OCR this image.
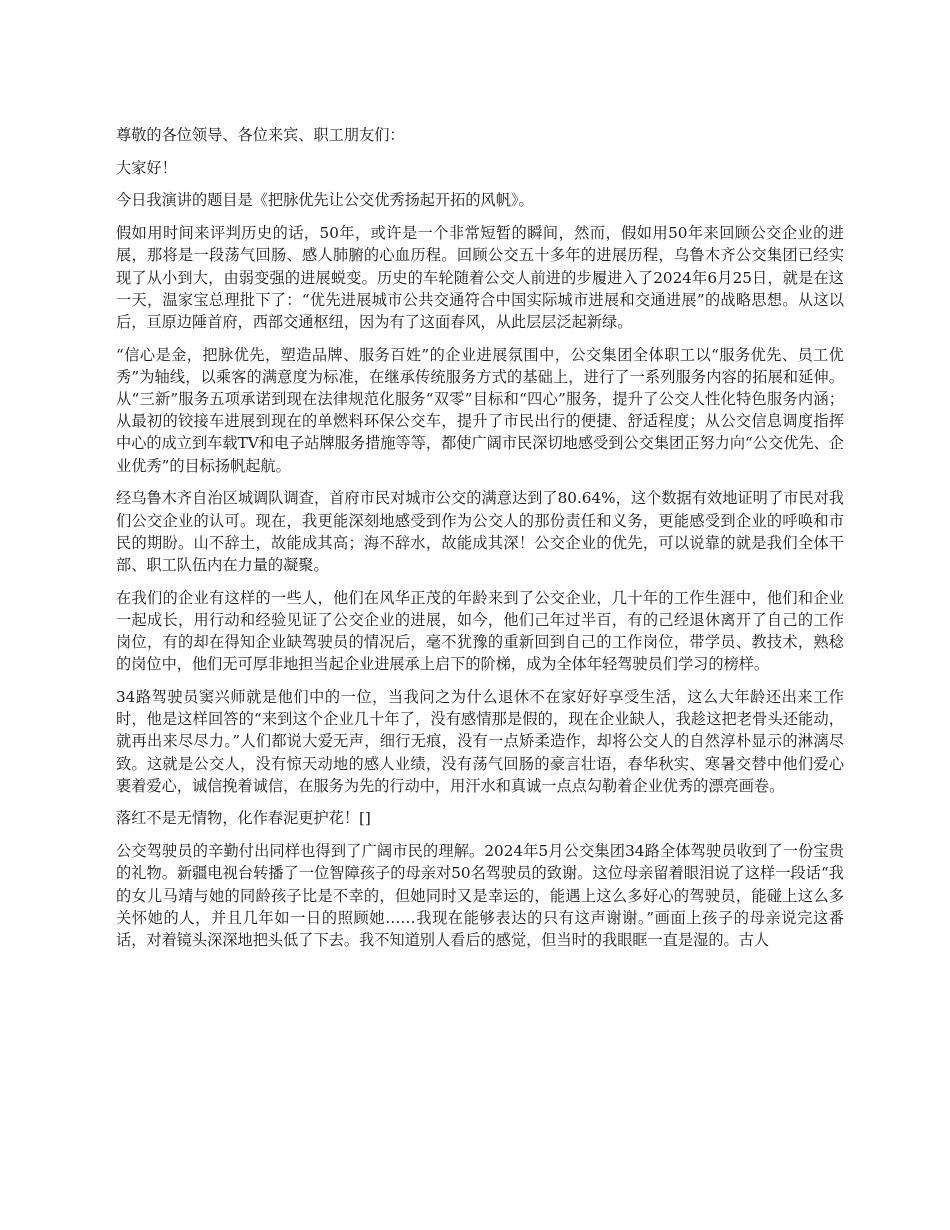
尊敬的各位领导、各位来宾、职工朋友们：

大家好！

今日我演讲的题目是《把脉优先让公交优秀扬起开拓的风帆》。

假如用时间来评判历史的话，50年，或许是一个非常短暂的瞬间，然而，假如用50年来回顾公交企业的进展，那将是一段荡气回肠、感人肺腑的心血历程。回顾公交五十多年的进展历程，乌鲁木齐公交集团已经实现了从小到大，由弱变强的进展蜕变。历史的车轮随着公交人前进的步履进入了2024年6月25日，就是在这一天，温家宝总理批下了：“优先进展城市公共交通符合中国实际城市进展和交通进展”的战略思想。从这以后，亘原边陲首府，西部交通枢纽，因为有了这面春风，从此层层泛起新绿。

“信心是金，把脉优先，塑造品牌、服务百姓”的企业进展氛围中，公交集团全体职工以“服务优先、员工优秀”为轴线，以乘客的满意度为标准，在继承传统服务方式的基础上，进行了一系列服务内容的拓展和延伸。从“三新”服务五项承诺到现在法律规范化服务“双零”目标和“四心”服务，提升了公交人性化特色服务内涵；从最初的铰接车进展到现在的单燃料环保公交车，提升了市民出行的便捷、舒适程度；从公交信息调度指挥中心的成立到车载TV和电子站牌服务措施等等，都使广阔市民深切地感受到公交集团正努力向“公交优先、企业优秀”的目标扬帆起航。

经乌鲁木齐自治区城调队调查，首府市民对城市公交的满意达到了80.64%，这个数据有效地证明了市民对我们公交企业的认可。现在，我更能深刻地感受到作为公交人的那份责任和义务，更能感受到企业的呼唤和市民的期盼。山不辞土，故能成其高；海不辞水，故能成其深！公交企业的优先，可以说靠的就是我们全体干部、职工队伍内在力量的凝聚。

在我们的企业有这样的一些人，他们在风华正茂的年龄来到了公交企业，几十年的工作生涯中，他们和企业一起成长，用行动和经验见证了公交企业的进展，如今，他们己年过半百，有的己经退休离开了自己的工作岗位，有的却在得知企业缺驾驶员的情况后，毫不犹豫的重新回到自己的工作岗位，带学员、教技术，熟稔的岗位中，他们无可厚非地担当起企业进展承上启下的阶梯，成为全体年轻驾驶员们学习的榜样。

34路驾驶员窦兴师就是他们中的一位，当我问之为什么退休不在家好好享受生活，这么大年龄还出来工作时，他是这样回答的“来到这个企业几十年了，没有感情那是假的，现在企业缺人，我趁这把老骨头还能动，就再出来尽尽力。”人们都说大爱无声，细行无痕，没有一点矫柔造作，却将公交人的自然淳朴显示的淋漓尽致。这就是公交人，没有惊天动地的感人业绩，没有荡气回肠的豪言壮语，春华秋实、寒暑交替中他们爱心裹着爱心，诚信挽着诚信，在服务为先的行动中，用汗水和真诚一点点勾勒着企业优秀的漂亮画卷。

落红不是无情物，化作春泥更护花！[]

公交驾驶员的辛勤付出同样也得到了广阔市民的理解。2024年5月公交集团34路全体驾驶员收到了一份宝贵的礼物。新疆电视台转播了一位智障孩子的母亲对50名驾驶员的致谢。这位母亲留着眼泪说了这样一段话“我的女儿马靖与她的同龄孩子比是不幸的，但她同时又是幸运的，能遇上这么多好心的驾驶员，能碰上这么多关怀她的人，并且几年如一日的照顾她……我现在能够表达的只有这声谢谢。”画面上孩子的母亲说完这番话，对着镜头深深地把头低了下去。我不知道别人看后的感觉，但当时的我眼眶一直是湿的。古人
